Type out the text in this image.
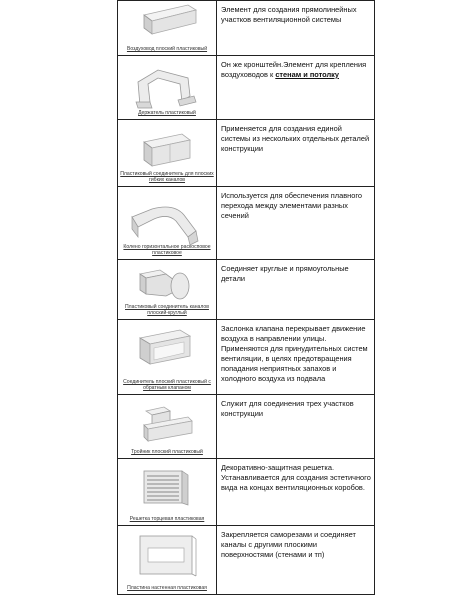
Воздуховод плоский пластиковый	Элемент для создания прямолинейных участков вентиляционной системы

Держатель пластиковый	Он же кронштейн.Элемент для крепления воздуховодов к стенам и потолку

Пластиковый соединитель для плоских гибких каналов	Применяется для создания единой системы из нескольких отдельных деталей конструкции

Колено горизонтальное раскосповое пластиковое	Используется для обеспечения плавного перехода между элементами разных сечений

Пластиковый соединитель каналов плоский-круглый	Соединяет круглые и прямоугольные детали

Соединитель плоский пластиковый с обратным клапаном	Заслонка клапана перекрывает движение воздуха в направлении улицы. Применяются для принудительных систем вентиляции, в целях предотвращения попадания неприятных запахов и холодного воздуха из подвала

Тройник плоский пластиковый	Служит для соединения трех участков конструкции

Решетка торцевая пластиковая	Декоративно-защитная решетка. Устанавливается для создания эстетичного вида на концах вентиляционных коробов.

Пластина настенная пластиковая	Закрепляется саморезами и соединяет каналы с другими плоскими поверхностями (стенами и тп)
